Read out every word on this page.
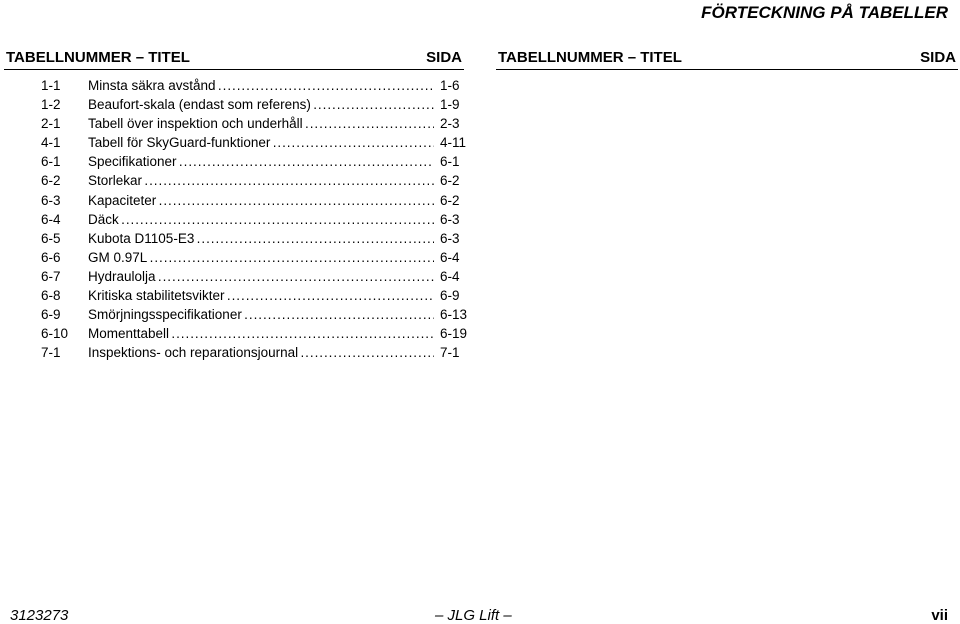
FÖRTECKNING PÅ TABELLER
TABELLNUMMER – TITEL	SIDA TABELLNUMMER – TITEL	SIDA
1-1 Minsta säkra avstånd . . .	1-6
1-2 Beaufort-skala (endast som referens) . . .	1-9
2-1 Tabell över inspektion och underhåll . . .	2-3
4-1 Tabell för SkyGuard-funktioner . . .	4-11
6-1 Specifikationer . . .	6-1
6-2 Storlekar . . .	6-2
6-3 Kapaciteter . . .	6-2
6-4 Däck . . .	6-3
6-5 Kubota D1105-E3 . . .	6-3
6-6 GM 0.97L . . .	6-4
6-7 Hydraulolja . . .	6-4
6-8 Kritiska stabilitetsvikter . . .	6-9
6-9 Smörjningsspecifikationer . . .	6-13
6-10 Momenttabell . . .	6-19
7-1 Inspektions- och reparationsjournal . . .	7-1
3123273	– JLG Lift –	vii
